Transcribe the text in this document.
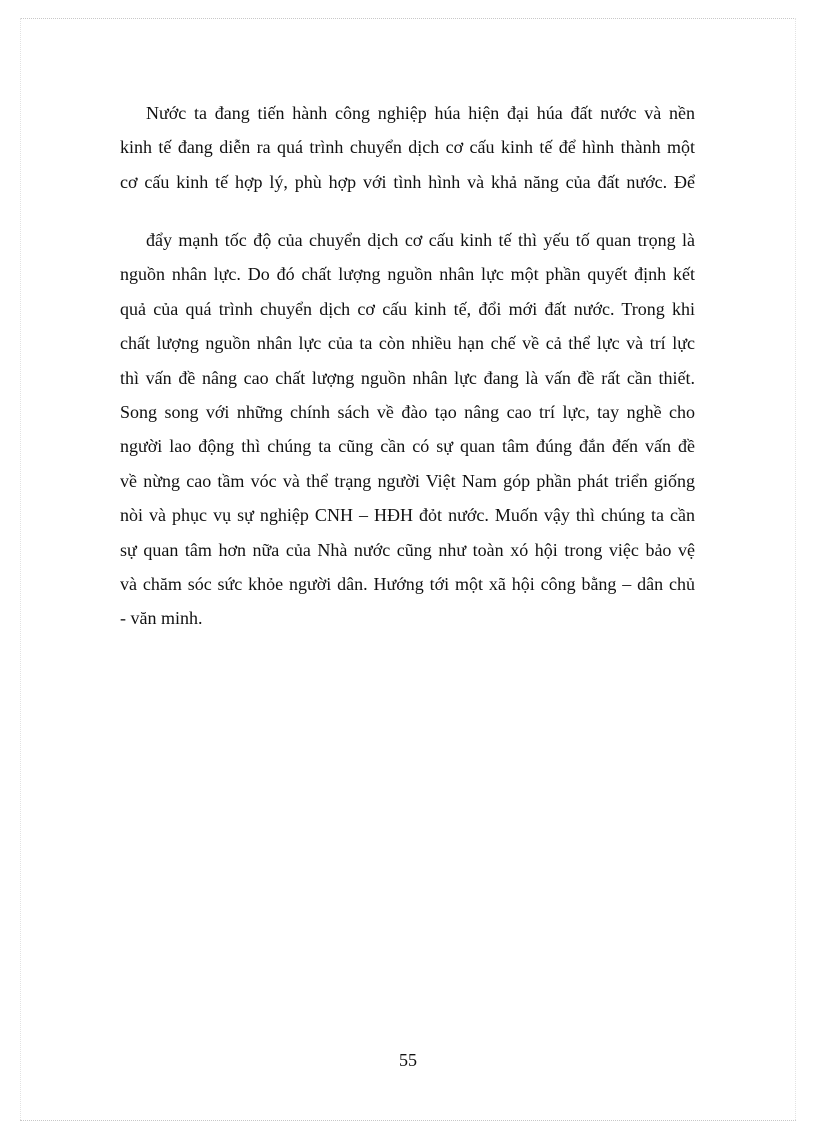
Nước ta đang tiến hành công nghiệp húa hiện đại húa đất nước và nền
kinh tế đang diễn ra quá trình chuyển dịch cơ cấu kinh tế để hình thành một
cơ cấu kinh tế hợp lý, phù hợp với tình hình và khả năng của đất nước. Để

đẩy mạnh tốc độ của chuyển dịch cơ cấu kinh tế thì yếu tố quan trọng là
nguồn nhân lực. Do đó chất lượng nguồn nhân lực một phần quyết định kết
quả của quá trình chuyển dịch cơ cấu kinh tế, đổi mới đất nước. Trong khi
chất lượng nguồn nhân lực của ta còn nhiều hạn chế về cả thể lực và trí lực
thì vấn đề nâng cao chất lượng nguồn nhân lực đang là vấn đề rất cần thiết.
Song song với những chính sách về đào tạo nâng cao trí lực, tay nghề cho
người lao động thì chúng ta cũng cần có sự quan tâm đúng đắn đến vấn đề
về nừng cao tầm vóc và thể trạng người Việt Nam góp phần phát triển giống
nòi và phục vụ sự nghiệp CNH – HĐH đỏt nước. Muốn vậy thì chúng ta cần
sự quan tâm hơn nữa của Nhà nước cũng như toàn xó hội trong việc bảo vệ
và chăm sóc sức khỏe người dân. Hướng tới một xã hội công bằng – dân chủ
- văn minh.

55
